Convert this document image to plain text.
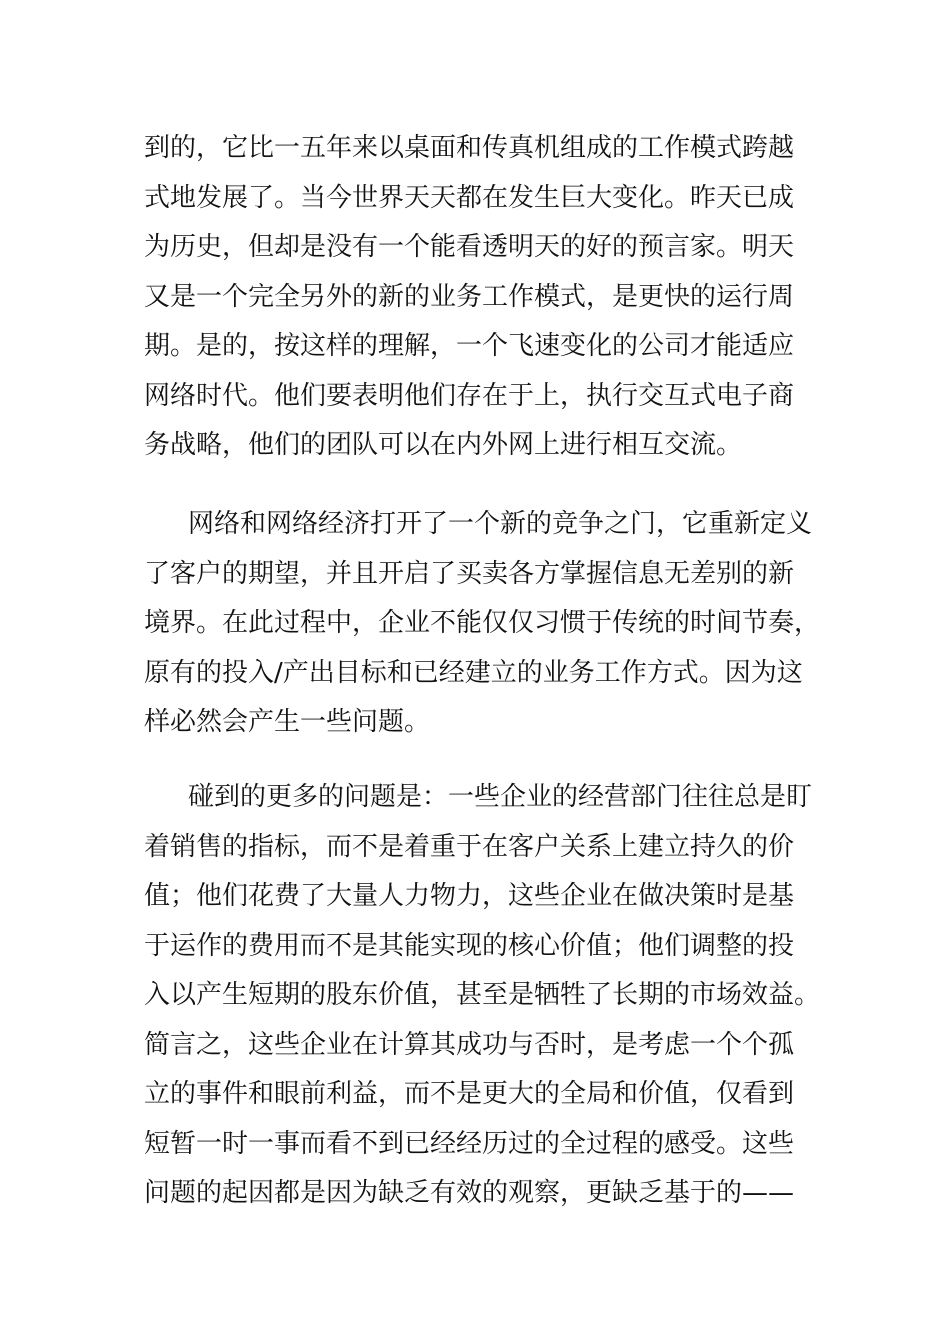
到的，它比一五年来以桌面和传真机组成的工作模式跨越
式地发展了。当今世界天天都在发生巨大变化。昨天已成
为历史，但却是没有一个能看透明天的好的预言家。明天
又是一个完全另外的新的业务工作模式，是更快的运行周
期。是的，按这样的理解，一个飞速变化的公司才能适应
网络时代。他们要表明他们存在于上，执行交互式电子商
务战略，他们的团队可以在内外网上进行相互交流。
网络和网络经济打开了一个新的竞争之门，它重新定义
了客户的期望，并且开启了买卖各方掌握信息无差别的新
境界。在此过程中，企业不能仅仅习惯于传统的时间节奏，
原有的投入/产出目标和已经建立的业务工作方式。因为这
样必然会产生一些问题。
碰到的更多的问题是：一些企业的经营部门往往总是盯
着销售的指标，而不是着重于在客户关系上建立持久的价
值；他们花费了大量人力物力，这些企业在做决策时是基
于运作的费用而不是其能实现的核心价值；他们调整的投
入以产生短期的股东价值，甚至是牺牲了长期的市场效益。
简言之，这些企业在计算其成功与否时，是考虑一个个孤
立的事件和眼前利益，而不是更大的全局和价值，仅看到
短暂一时一事而看不到已经经历过的全过程的感受。这些
问题的起因都是因为缺乏有效的观察，更缺乏基于的——
